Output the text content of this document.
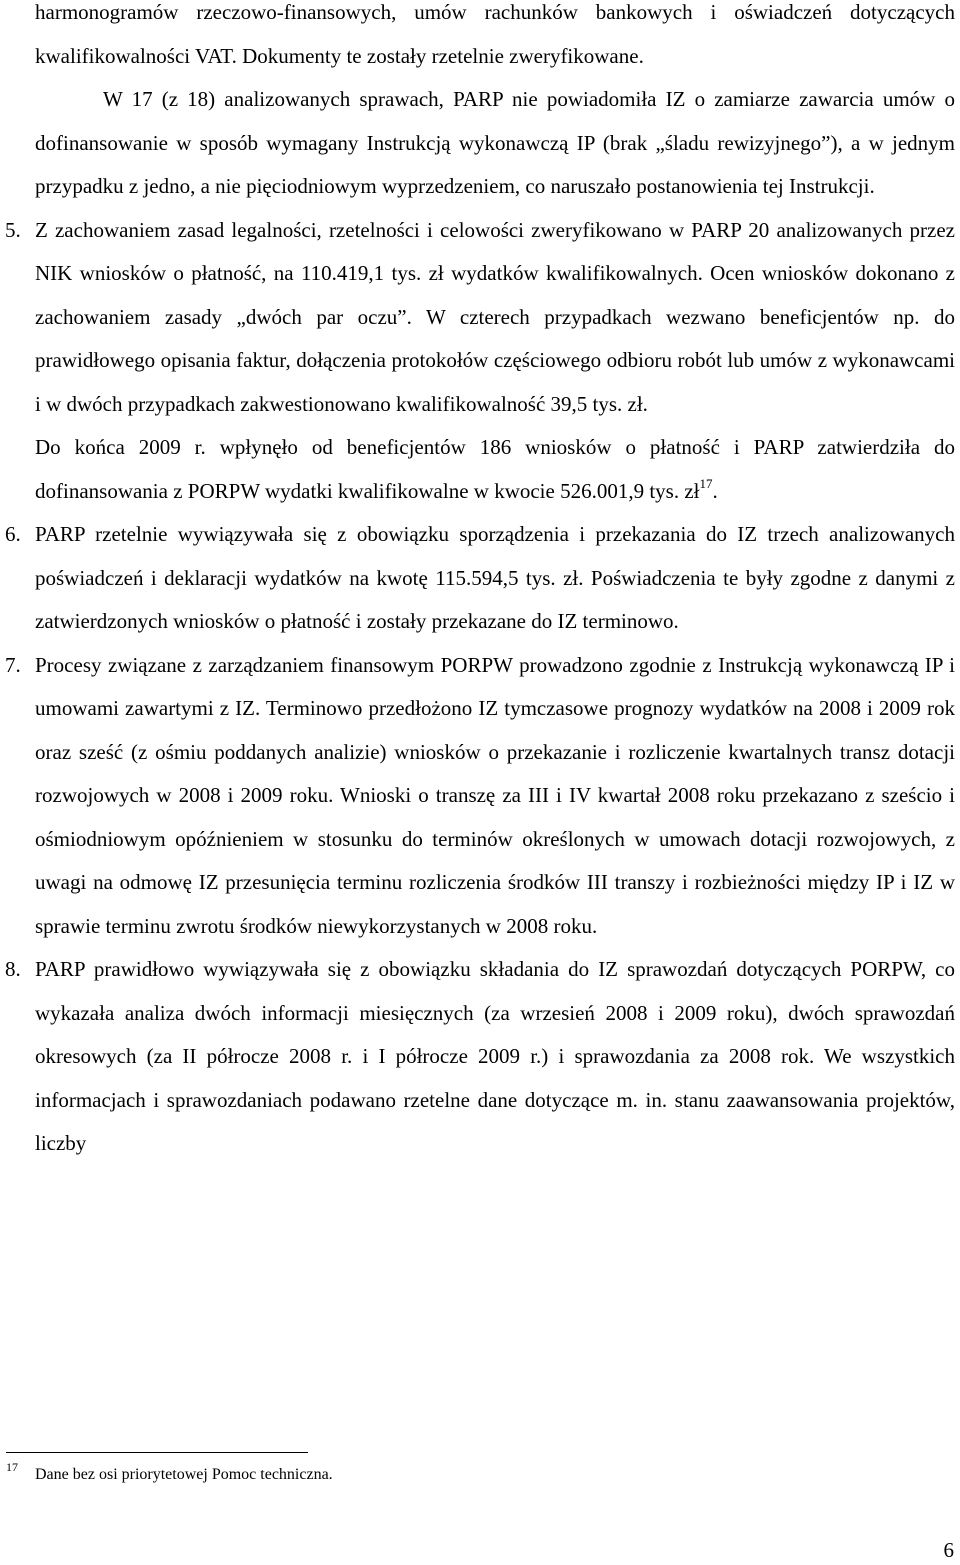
harmonogramów rzeczowo-finansowych, umów rachunków bankowych i oświadczeń dotyczących kwalifikowalności VAT. Dokumenty te zostały rzetelnie zweryfikowane.

W 17 (z 18) analizowanych sprawach, PARP nie powiadomiła IZ o zamiarze zawarcia umów o dofinansowanie w sposób wymagany Instrukcją wykonawczą IP (brak „śladu rewizyjnego”), a w jednym przypadku z jedno, a nie pięciodniowym wyprzedzeniem, co naruszało postanowienia tej Instrukcji.

5. Z zachowaniem zasad legalności, rzetelności i celowości zweryfikowano w PARP 20 analizowanych przez NIK wniosków o płatność, na 110.419,1 tys. zł wydatków kwalifikowalnych. Ocen wniosków dokonano z zachowaniem zasady „dwóch par oczu”. W czterech przypadkach wezwano beneficjentów np. do prawidłowego opisania faktur, dołączenia protokołów częściowego odbioru robót lub umów z wykonawcami i w dwóch przypadkach zakwestionowano kwalifikowalność 39,5 tys. zł.

Do końca 2009 r. wpłynęło od beneficjentów 186 wniosków o płatność i PARP zatwierdziła do dofinansowania z PORPW wydatki kwalifikowalne w kwocie 526.001,9 tys. $zł^{17}$.

6. PARP rzetelnie wywiązywała się z obowiązku sporządzenia i przekazania do IZ trzech analizowanych poświadczeń i deklaracji wydatków na kwotę 115.594,5 tys. zł. Poświadczenia te były zgodne z danymi z zatwierdzonych wniosków o płatność i zostały przekazane do IZ terminowo.

7. Procesy związane z zarządzaniem finansowym PORPW prowadzono zgodnie z Instrukcją wykonawczą IP i umowami zawartymi z IZ. Terminowo przedłożono IZ tymczasowe prognozy wydatków na 2008 i 2009 rok oraz sześć (z ośmiu poddanych analizie) wniosków o przekazanie i rozliczenie kwartalnych transz dotacji rozwojowych w 2008 i 2009 roku. Wnioski o transzę za III i IV kwartał 2008 roku przekazano z sześcio i ośmiodniowym opóźnieniem w stosunku do terminów określonych w umowach dotacji rozwojowych, z uwagi na odmowę IZ przesunięcia terminu rozliczenia środków III transzy i rozbieżności między IP i IZ w sprawie terminu zwrotu środków niewykorzystanych w 2008 roku.

8. PARP prawidłowo wywiązywała się z obowiązku składania do IZ sprawozdań dotyczących PORPW, co wykazała analiza dwóch informacji miesięcznych (za wrzesień 2008 i 2009 roku), dwóch sprawozdań okresowych (za II półrocze 2008 r. i I półrocze 2009 r.) i sprawozdania za 2008 rok. We wszystkich informacjach i sprawozdaniach podawano rzetelne dane dotyczące m. in. stanu zaawansowania projektów, liczby

17 Dane bez osi priorytetowej Pomoc techniczna.
6
